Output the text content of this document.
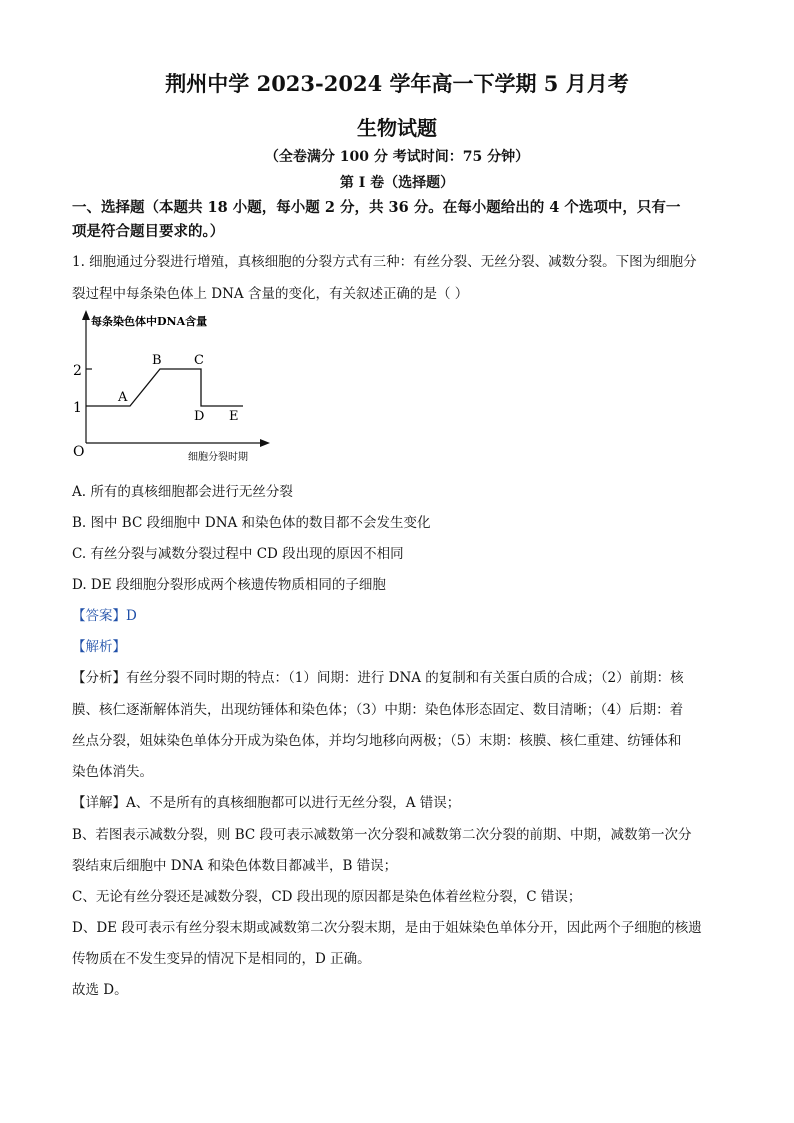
荆州中学 2023-2024 学年高一下学期 5 月月考
生物试题
（全卷满分 100 分 考试时间：75 分钟）
第 I 卷（选择题）
一、选择题（本题共 18 小题，每小题 2 分，共 36 分。在每小题给出的 4 个选项中，只有一
项是符合题目要求的。）
1. 细胞通过分裂进行增殖，真核细胞的分裂方式有三种：有丝分裂、无丝分裂、减数分裂。下图为细胞分
裂过程中每条染色体上 DNA 含量的变化，有关叙述正确的是（ ）
每条染色体中DNA含量
细胞分裂时期
O
1
2
A
B C
D E
A. 所有的真核细胞都会进行无丝分裂
B. 图中 BC 段细胞中 DNA 和染色体的数目都不会发生变化
C. 有丝分裂与减数分裂过程中 CD 段出现的原因不相同
D. DE 段细胞分裂形成两个核遗传物质相同的子细胞
【答案】D
【解析】
【分析】有丝分裂不同时期的特点：（1）间期：进行 DNA 的复制和有关蛋白质的合成；（2）前期：核
膜、核仁逐渐解体消失，出现纺锤体和染色体；（3）中期：染色体形态固定、数目清晰；（4）后期：着
丝点分裂，姐妹染色单体分开成为染色体，并均匀地移向两极；（5）末期：核膜、核仁重建、纺锤体和
染色体消失。
【详解】A、不是所有的真核细胞都可以进行无丝分裂，A 错误；
B、若图表示减数分裂，则 BC 段可表示减数第一次分裂和减数第二次分裂的前期、中期，减数第一次分
裂结束后细胞中 DNA 和染色体数目都减半，B 错误；
C、无论有丝分裂还是减数分裂，CD 段出现的原因都是染色体着丝粒分裂，C 错误；
D、DE 段可表示有丝分裂末期或减数第二次分裂末期，是由于姐妹染色单体分开，因此两个子细胞的核遗
传物质在不发生变异的情况下是相同的，D 正确。
故选 D。
